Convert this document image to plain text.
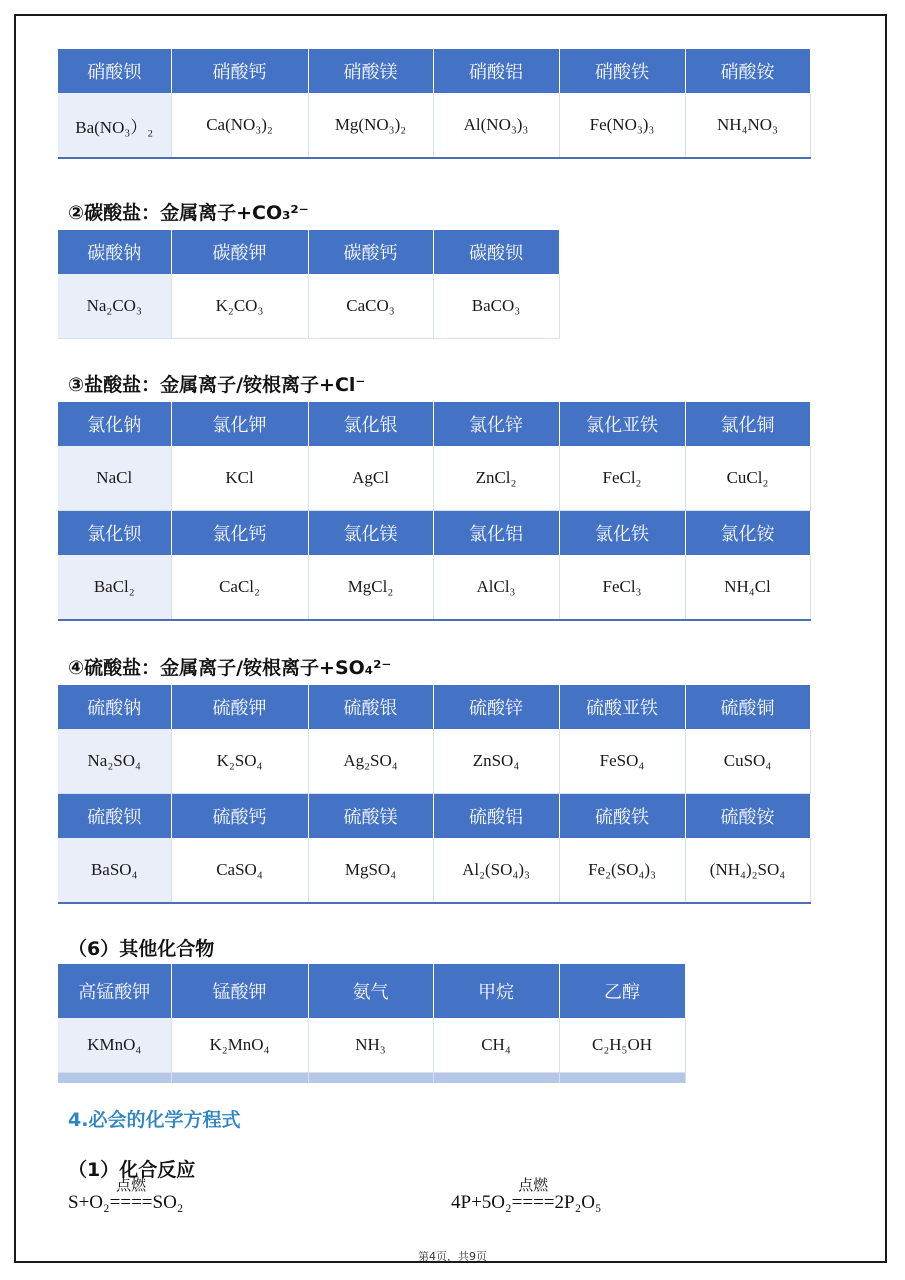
硝酸钡	硝酸钙	硝酸镁	硝酸铝	硝酸铁	硝酸铵
Ba(NO₃）₂	Ca(NO₃)₂	Mg(NO₃)₂	Al(NO₃)₃	Fe(NO₃)₃	NH₄NO₃
②碳酸盐：金属离子+CO₃²⁻
碳酸钠	碳酸钾	碳酸钙	碳酸钡
Na₂CO₃	K₂CO₃	CaCO₃	BaCO₃
③盐酸盐：金属离子/铵根离子+Cl⁻
氯化钠	氯化钾	氯化银	氯化锌	氯化亚铁	氯化铜
NaCl	KCl	AgCl	ZnCl₂	FeCl₂	CuCl₂
氯化钡	氯化钙	氯化镁	氯化铝	氯化铁	氯化铵
BaCl₂	CaCl₂	MgCl₂	AlCl₃	FeCl₃	NH₄Cl
④硫酸盐：金属离子/铵根离子+SO₄²⁻
硫酸钠	硫酸钾	硫酸银	硫酸锌	硫酸亚铁	硫酸铜
Na₂SO₄	K₂SO₄	Ag₂SO₄	ZnSO₄	FeSO₄	CuSO₄
硫酸钡	硫酸钙	硫酸镁	硫酸铝	硫酸铁	硫酸铵
BaSO₄	CaSO₄	MgSO₄	Al₂(SO₄)₃	Fe₂(SO₄)₃	(NH₄)₂SO₄
（6）其他化合物
高锰酸钾	锰酸钾	氨气	甲烷	乙醇
KMnO₄	K₂MnO₄	NH₃	CH₄	C₂H₅OH

4.必会的化学方程式
（1）化合反应
S+O₂
点燃
====SO₂	4P+5O₂
点燃
====2P₂O₅
第4页，共9页
